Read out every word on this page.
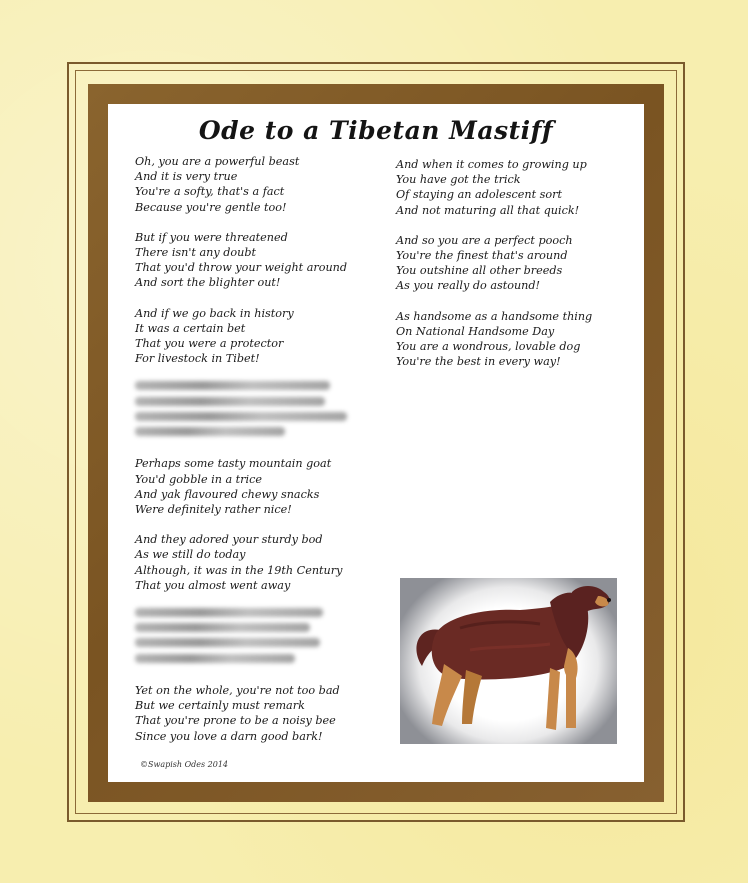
Ode to a Tibetan Mastiff
Oh, you are a powerful beast
And it is very true
You're a softy, that's a fact
Because you're gentle too!
But if you were threatened
There isn't any doubt
That you'd throw your weight around
And sort the blighter out!
And if we go back in history
It was a certain bet
That you were a protector
For livestock in Tibet!
Perhaps some tasty mountain goat
You'd gobble in a trice
And yak flavoured chewy snacks
Were definitely rather nice!
And they adored your sturdy bod
As we still do today
Although, it was in the 19th Century
That you almost went away
Yet on the whole, you're not too bad
But we certainly must remark
That you're prone to be a noisy bee
Since you love a darn good bark!
And when it comes to growing up
You have got the trick
Of staying an adolescent sort
And not maturing all that quick!
And so you are a perfect pooch
You're the finest that's around
You outshine all other breeds
As you really do astound!
As handsome as a handsome thing
On National Handsome Day
You are a wondrous, lovable dog
You're the best in every way!
©Swapish Odes 2014
